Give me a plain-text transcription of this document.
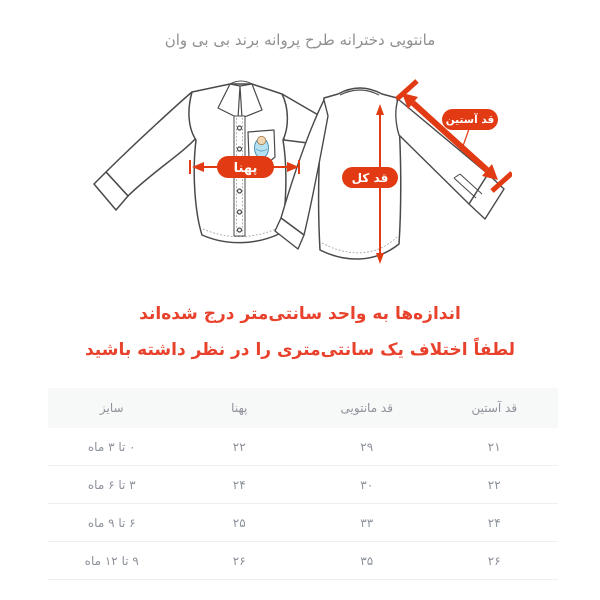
مانتویی دخترانه طرح پروانه برند بی بی وان
پهنا
قد کل
قد آستین
اندازه‌ها به واحد سانتی‌متر درج شده‌اند
لطفاً اختلاف یک سانتی‌متری را در نظر داشته باشید
قد آستین	قد مانتویی	پهنا	سایز
۲۱	۲۹	۲۲	۰ تا ۳ ماه
۲۲	۳۰	۲۴	۳ تا ۶ ماه
۲۴	۳۳	۲۵	۶ تا ۹ ماه
۲۶	۳۵	۲۶	۹ تا ۱۲ ماه
